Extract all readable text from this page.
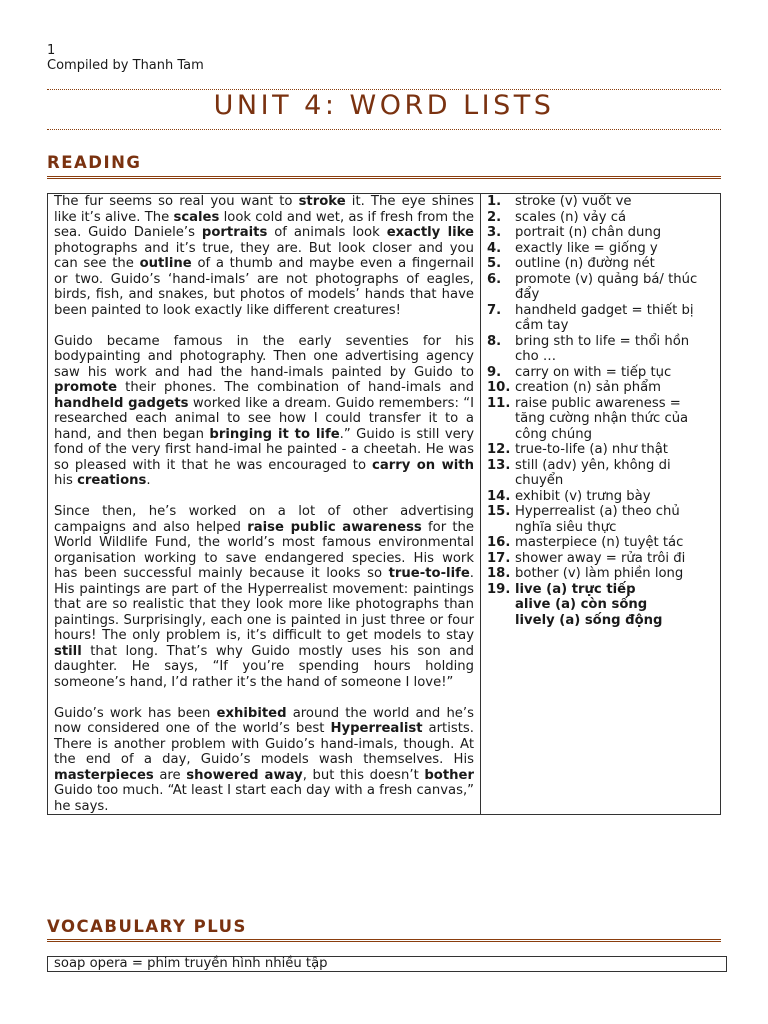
1
Compiled by Thanh Tam
UNIT 4: WORD LISTS
READING

The fur seems so real you want to stroke it. The eye shines like it’s alive. The scales look cold and wet, as if fresh from the sea. Guido Daniele’s portraits of animals look exactly like photographs and it’s true, they are. But look closer and you can see the outline of a thumb and maybe even a fingernail or two. Guido’s ‘hand-imals’ are not photographs of eagles, birds, fish, and snakes, but photos of models’ hands that have been painted to look exactly like different creatures!

Guido became famous in the early seventies for his bodypainting and photography. Then one advertising agency saw his work and had the hand-imals painted by Guido to promote their phones. The combination of hand-imals and handheld gadgets worked like a dream. Guido remembers: “I researched each animal to see how I could transfer it to a hand, and then began bringing it to life.” Guido is still very fond of the very first hand-imal he painted - a cheetah. He was so pleased with it that he was encouraged to carry on with his creations.

Since then, he’s worked on a lot of other advertising campaigns and also helped raise public awareness for the World Wildlife Fund, the world’s most famous environmental organisation working to save endangered species. His work has been successful mainly because it looks so true-to-life. His paintings are part of the Hyperrealist movement: paintings that are so realistic that they look more like photographs than paintings. Surprisingly, each one is painted in just three or four hours! The only problem is, it’s difficult to get models to stay still that long. That’s why Guido mostly uses his son and daughter. He says, “If you’re spending hours holding someone’s hand, I’d rather it’s the hand of someone I love!”

Guido’s work has been exhibited around the world and he’s now considered one of the world’s best Hyperrealist artists. There is another problem with Guido’s hand-imals, though. At the end of a day, Guido’s models wash themselves. His masterpieces are showered away, but this doesn’t bother Guido too much. “At least I start each day with a fresh canvas,” he says.

1.	stroke (v) vuốt ve
2.	scales (n) vảy cá
3.	portrait (n) chân dung
4.	exactly like = giống y
5.	outline (n) đường nét
6.	promote (v) quảng bá/ thúc đẩy
7.	handheld gadget = thiết bị cầm tay
8.	bring sth to life = thổi hồn cho …
9.	carry on with = tiếp tục
10. creation (n) sản phẩm
11. raise public awareness = tăng cường nhận thức của công chúng
12. true-to-life (a) như thật
13. still (adv) yên, không di chuyển
14. exhibit (v) trưng bày
15. Hyperrealist (a) theo chủ nghĩa siêu thực
16. masterpiece (n) tuyệt tác
17. shower away = rửa trôi đi
18. bother (v) làm phiền long
19. live (a) trực tiếp
alive (a) còn sống
lively (a) sống động
VOCABULARY PLUS
soap opera = phim truyền hình nhiều tập
